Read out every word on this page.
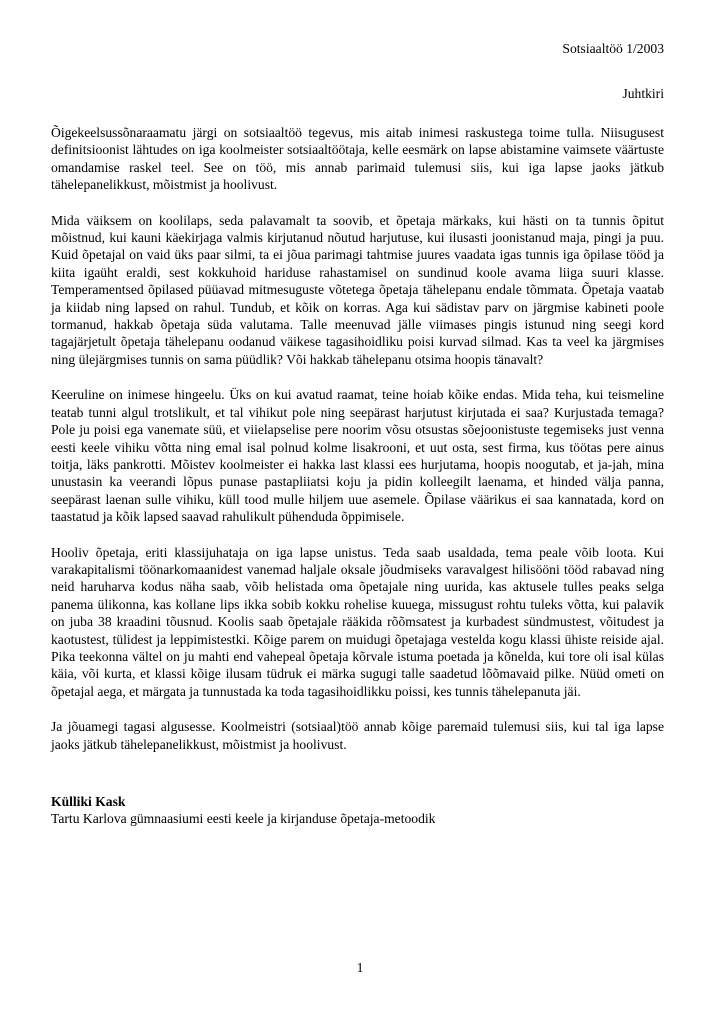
Sotsiaaltöö 1/2003

Juhtkiri

Õigekeelsussõnaraamatu järgi on sotsiaaltöö tegevus, mis aitab inimesi raskustega toime tulla. Niisugusest definitsioonist lähtudes on iga koolmeister sotsiaaltöötaja, kelle eesmärk on lapse abistamine vaimsete väärtuste omandamise raskel teel. See on töö, mis annab parimaid tulemusi siis, kui iga lapse jaoks jätkub tähelepanelikkust, mõistmist ja hoolivust.

Mida väiksem on koolilaps, seda palavamalt ta soovib, et õpetaja märkaks, kui hästi on ta tunnis õpitut mõistnud, kui kauni käekirjaga valmis kirjutanud nõutud harjutuse, kui ilusasti joonistanud maja, pingi ja puu. Kuid õpetajal on vaid üks paar silmi, ta ei jõua parimagi tahtmise juures vaadata igas tunnis iga õpilase tööd ja kiita igaüht eraldi, sest kokkuhoid hariduse rahastamisel on sundinud koole avama liiga suuri klasse. Temperamentsed õpilased püüavad mitmesuguste võtetega õpetaja tähelepanu endale tõmmata. Õpetaja vaatab ja kiidab ning lapsed on rahul. Tundub, et kõik on korras. Aga kui sädistav parv on järgmise kabineti poole tormanud, hakkab õpetaja süda valutama. Talle meenuvad jälle viimases pingis istunud ning seegi kord tagajärjetult õpetaja tähelepanu oodanud väikese tagasihoidliku poisi kurvad silmad. Kas ta veel ka järgmises ning ülejärgmises tunnis on sama püüdlik? Või hakkab tähelepanu otsima hoopis tänavalt?

Keeruline on inimese hingeelu. Üks on kui avatud raamat, teine hoiab kõike endas. Mida teha, kui teismeline teatab tunni algul trotslikult, et tal vihikut pole ning seepärast harjutust kirjutada ei saa? Kurjustada temaga? Pole ju poisi ega vanemate süü, et viielapselise pere noorim võsu otsustas sõejoonistuste tegemiseks just venna eesti keele vihiku võtta ning emal isal polnud kolme lisakrooni, et uut osta, sest firma, kus töötas pere ainus toitja, läks pankrotti. Mõistev koolmeister ei hakka last klassi ees hurjutama, hoopis noogutab, et ja-jah, mina unustasin ka veerandi lõpus punase pastapliiatsi koju ja pidin kolleegilt laenama, et hinded välja panna, seepärast laenan sulle vihiku, küll tood mulle hiljem uue asemele. Õpilase väärikus ei saa kannatada, kord on taastatud ja kõik lapsed saavad rahulikult pühenduda õppimisele.

Hooliv õpetaja, eriti klassijuhataja on iga lapse unistus. Teda saab usaldada, tema peale võib loota. Kui varakapitalismi töönarkomaanidest vanemad haljale oksale jõudmiseks varavalgest hilisööni tööd rabavad ning neid haruharva kodus näha saab, võib helistada oma õpetajale ning uurida, kas aktusele tulles peaks selga panema ülikonna, kas kollane lips ikka sobib kokku rohelise kuuega, missugust rohtu tuleks võtta, kui palavik on juba 38 kraadini tõusnud. Koolis saab õpetajale rääkida rõõmsatest ja kurbadest sündmustest, võitudest ja kaotustest, tülidest ja leppimistestki. Kõige parem on muidugi õpetajaga vestelda kogu klassi ühiste reiside ajal. Pika teekonna vältel on ju mahti end vahepeal õpetaja kõrvale istuma poetada ja kõnelda, kui tore oli isal külas käia, või kurta, et klassi kõige ilusam tüdruk ei märka sugugi talle saadetud lõõmavaid pilke. Nüüd ometi on õpetajal aega, et märgata ja tunnustada ka toda tagasihoidlikku poissi, kes tunnis tähelepanuta jäi.

Ja jõuamegi tagasi algusesse. Koolmeistri (sotsiaal)töö annab kõige paremaid tulemusi siis, kui tal iga lapse jaoks jätkub tähelepanelikkust, mõistmist ja hoolivust.

Külliki Kask
Tartu Karlova gümnaasiumi eesti keele ja kirjanduse õpetaja-metoodik
1
